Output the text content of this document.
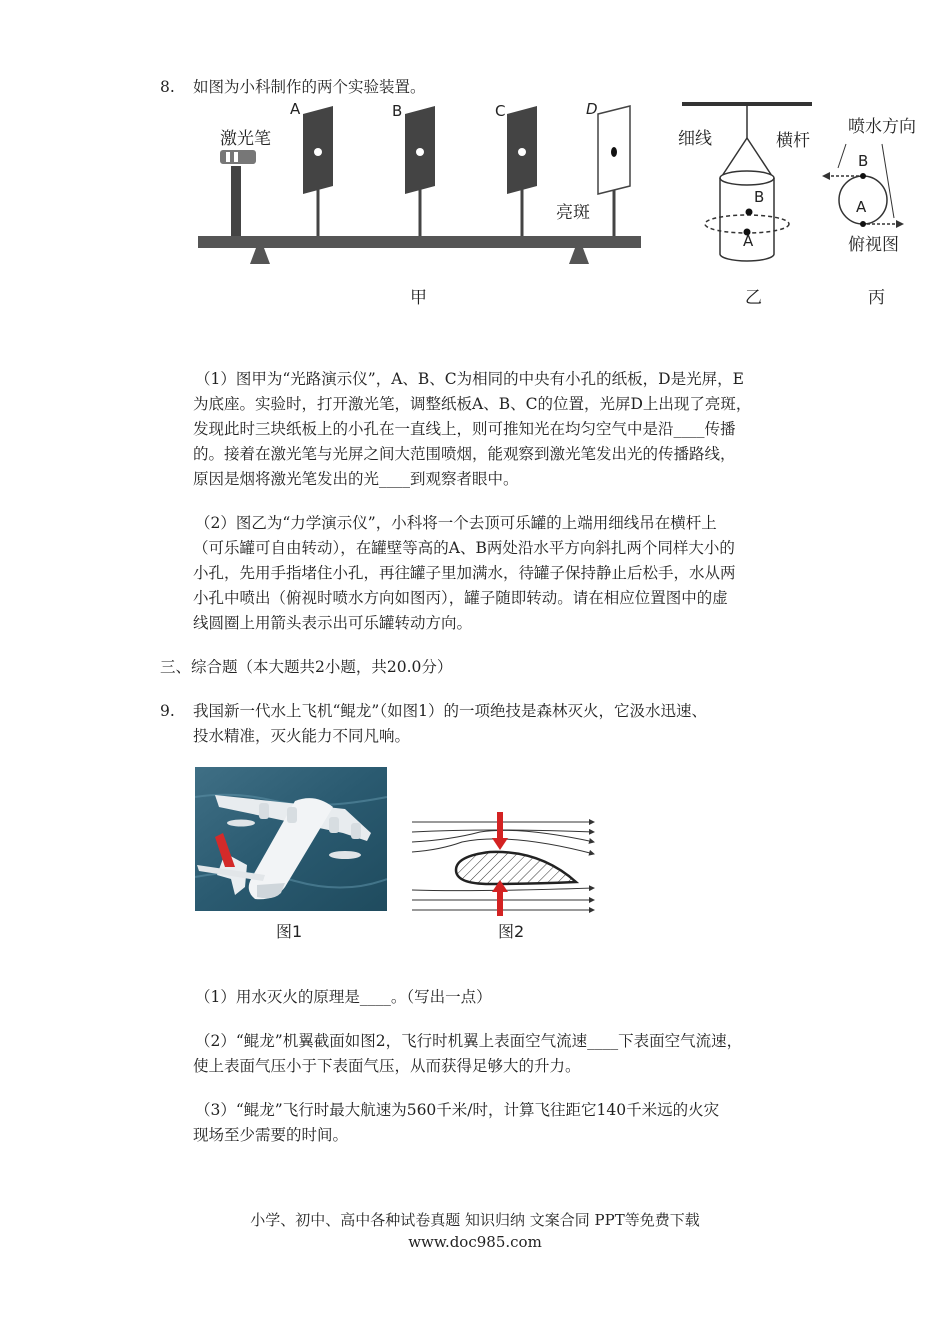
8. 如图为小科制作的两个实验装置。
激光笔
A	B	C	D
亮斑
细线	横杆
B
A
喷水方向
B
A
俯视图
甲	乙	丙
（1）图甲为“光路演示仪”，A、B、C为相同的中央有小孔的纸板，D是光屏，E
为底座。实验时，打开激光笔，调整纸板A、B、C的位置，光屏D上出现了亮斑，
发现此时三块纸板上的小孔在一直线上，则可推知光在均匀空气中是沿____传播
的。接着在激光笔与光屏之间大范围喷烟，能观察到激光笔发出光的传播路线，
原因是烟将激光笔发出的光____到观察者眼中。
（2）图乙为“力学演示仪”，小科将一个去顶可乐罐的上端用细线吊在横杆上
（可乐罐可自由转动），在罐壁等高的A、B两处沿水平方向斜扎两个同样大小的
小孔，先用手指堵住小孔，再往罐子里加满水，待罐子保持静止后松手，水从两
小孔中喷出（俯视时喷水方向如图丙），罐子随即转动。请在相应位置图中的虚
线圆圈上用箭头表示出可乐罐转动方向。
三、综合题（本大题共2小题，共20.0分）
9. 我国新一代水上飞机“鲲龙”（如图1）的一项绝技是森林灭火，它汲水迅速、
投水精准，灭火能力不同凡响。
图1	图2
（1）用水灭火的原理是____。（写出一点）
（2）“鲲龙”机翼截面如图2，飞行时机翼上表面空气流速____下表面空气流速，
使上表面气压小于下表面气压，从而获得足够大的升力。
（3）“鲲龙”飞行时最大航速为560千米/时，计算飞往距它140千米远的火灾
现场至少需要的时间。
小学、初中、高中各种试卷真题 知识归纳 文案合同 PPT等免费下载
www.doc985.com
